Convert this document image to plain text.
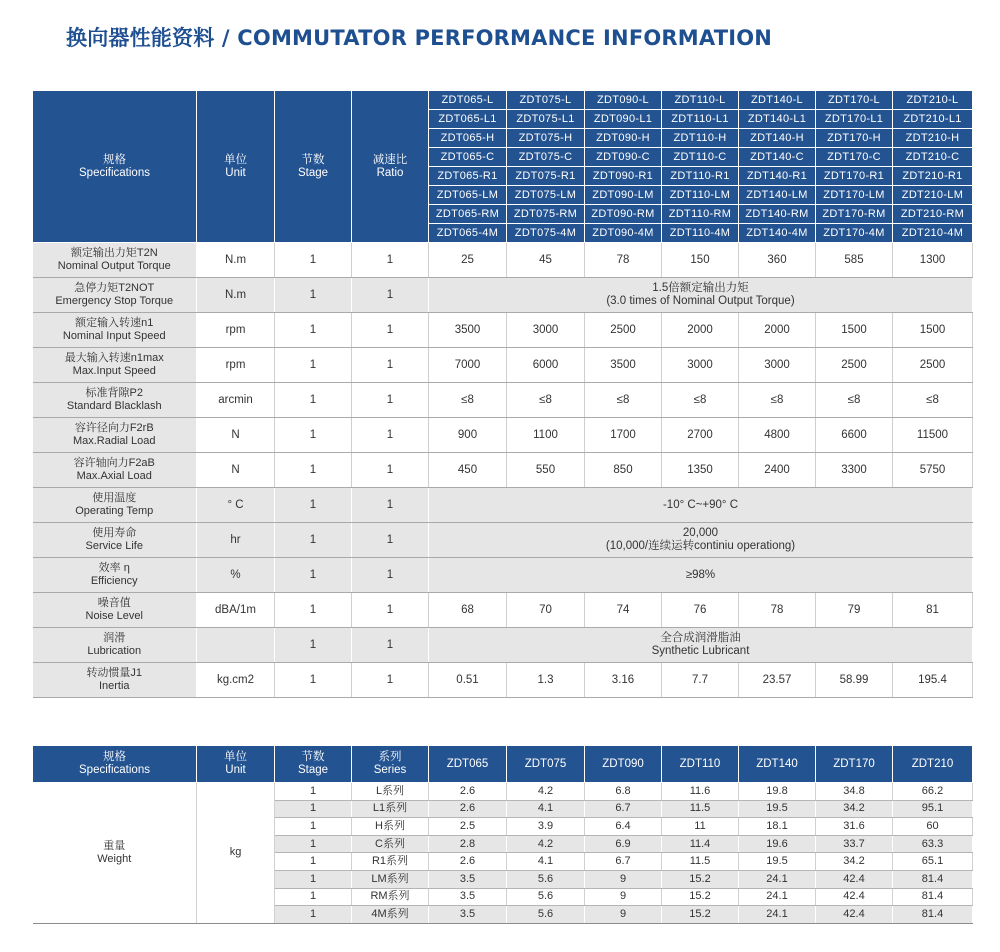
换向器性能资料 / COMMUTATOR PERFORMANCE INFORMATION
规格
Specifications	单位
Unit	节数
Stage	减速比
Ratio	ZDT065-L	ZDT075-L	ZDT090-L	ZDT110-L	ZDT140-L	ZDT170-L	ZDT210-L
				ZDT065-L1	ZDT075-L1	ZDT090-L1	ZDT110-L1	ZDT140-L1	ZDT170-L1	ZDT210-L1
				ZDT065-H	ZDT075-H	ZDT090-H	ZDT110-H	ZDT140-H	ZDT170-H	ZDT210-H
				ZDT065-C	ZDT075-C	ZDT090-C	ZDT110-C	ZDT140-C	ZDT170-C	ZDT210-C
				ZDT065-R1	ZDT075-R1	ZDT090-R1	ZDT110-R1	ZDT140-R1	ZDT170-R1	ZDT210-R1
				ZDT065-LM	ZDT075-LM	ZDT090-LM	ZDT110-LM	ZDT140-LM	ZDT170-LM	ZDT210-LM
				ZDT065-RM	ZDT075-RM	ZDT090-RM	ZDT110-RM	ZDT140-RM	ZDT170-RM	ZDT210-RM
				ZDT065-4M	ZDT075-4M	ZDT090-4M	ZDT110-4M	ZDT140-4M	ZDT170-4M	ZDT210-4M

额定输出力矩T2N
Nominal Output Torque	N.m	1	1	25	45	78	150	360	585	1300

急停力矩T2NOT
Emergency Stop Torque	N.m	1	1	1.5倍额定输出力矩
(3.0 times of Nominal Output Torque)						

额定输入转速n1
Nominal Input Speed	rpm	1	1	3500	3000	2500	2000	2000	1500	1500

最大输入转速n1max
Max.Input Speed	rpm	1	1	7000	6000	3500	3000	3000	2500	2500

标准背隙P2
Standard Blacklash	arcmin	1	1	≤8	≤8	≤8	≤8	≤8	≤8	≤8

容许径向力F2rB
Max.Radial Load	N	1	1	900	1100	1700	2700	4800	6600	11500

容许轴向力F2aB
Max.Axial Load	N	1	1	450	550	850	1350	2400	3300	5750

使用温度
Operating Temp	° C	1	1	-10° C~+90° C						

使用寿命
Service Life	hr	1	1	20,000
(10,000/连续运转continiu operationg)						

效率 η
Efficiency	%	1	1	≥98%						

噪音值
Noise Level	dBA/1m	1	1	68	70	74	76	78	79	81

润滑
Lubrication		1	1	全合成润滑脂油
Synthetic Lubricant						

转动惯量J1
Inertia	kg.cm2	1	1	0.51	1.3	3.16	7.7	23.57	58.99	195.4
规格
Specifications	单位
Unit	节数
Stage	系列
Series	ZDT065	ZDT075	ZDT090	ZDT110	ZDT140	ZDT170	ZDT210

重量
Weight	kg	1	L系列	2.6	4.2	6.8	11.6	19.8	34.8	66.2
		1	L1系列	2.6	4.1	6.7	11.5	19.5	34.2	95.1
		1	H系列	2.5	3.9	6.4	11	18.1	31.6	60
		1	C系列	2.8	4.2	6.9	11.4	19.6	33.7	63.3
		1	R1系列	2.6	4.1	6.7	11.5	19.5	34.2	65.1
		1	LM系列	3.5	5.6	9	15.2	24.1	42.4	81.4
		1	RM系列	3.5	5.6	9	15.2	24.1	42.4	81.4
		1	4M系列	3.5	5.6	9	15.2	24.1	42.4	81.4
